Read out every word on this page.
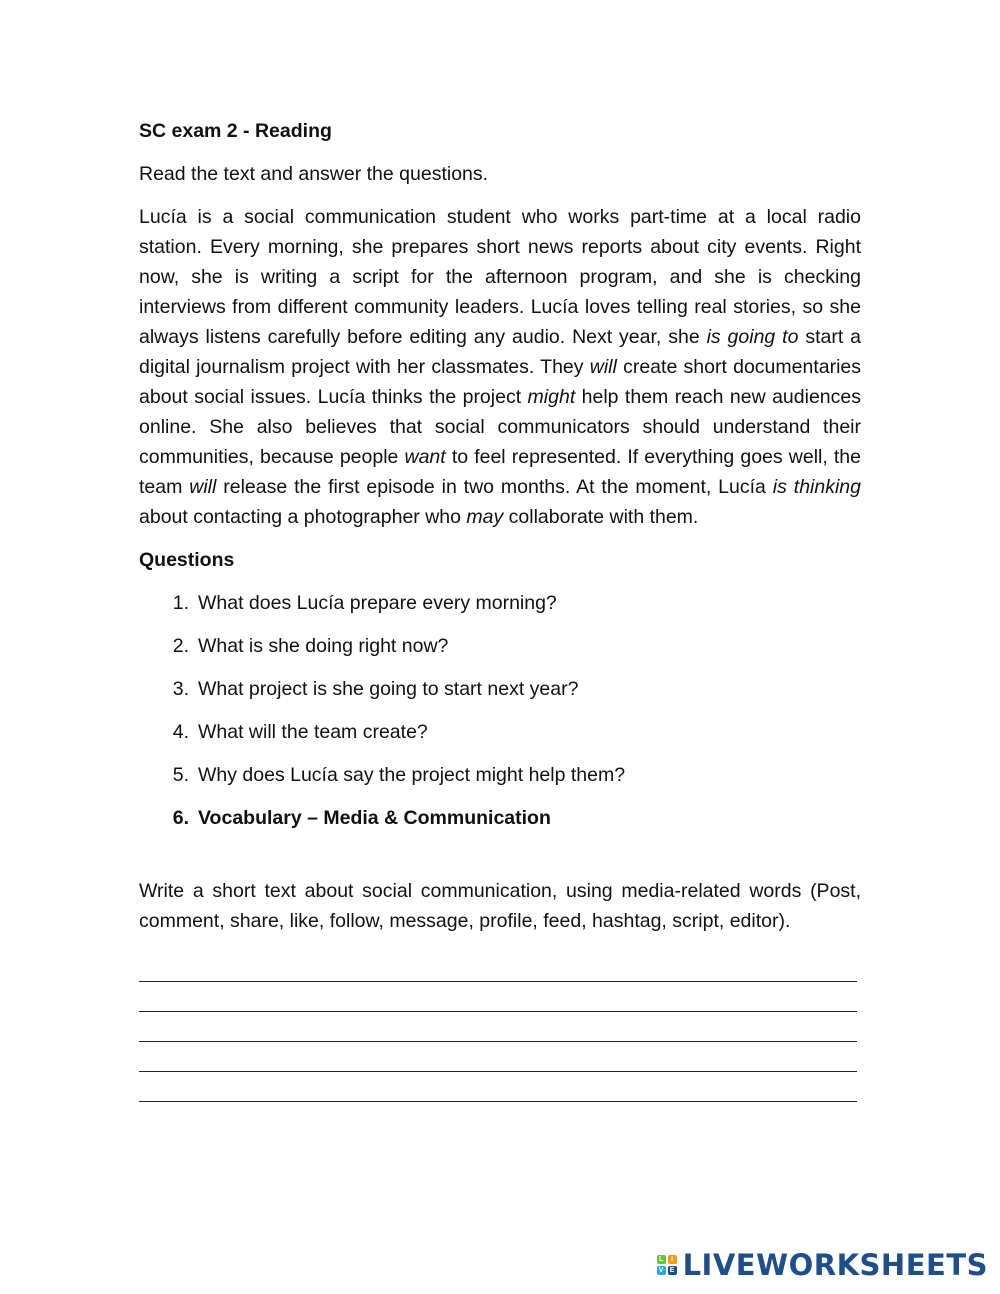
SC exam 2 - Reading

Read the text and answer the questions.

Lucía is a social communication student who works part-time at a local radio station. Every morning, she prepares short news reports about city events. Right now, she is writing a script for the afternoon program, and she is checking interviews from different community leaders. Lucía loves telling real stories, so she always listens carefully before editing any audio. Next year, she is going to start a digital journalism project with her classmates. They will create short documentaries about social issues. Lucía thinks the project might help them reach new audiences online. She also believes that social communicators should understand their communities, because people want to feel represented. If everything goes well, the team will release the first episode in two months. At the moment, Lucía is thinking about contacting a photographer who may collaborate with them.

Questions

1. What does Lucía prepare every morning?
2. What is she doing right now?
3. What project is she going to start next year?
4. What will the team create?
5. Why does Lucía say the project might help them?
6. Vocabulary – Media & Communication

Write a short text about social communication, using media-related words (Post, comment, share, like, follow, message, profile, feed, hashtag, script, editor).

L	I
V E LIVEWORKSHEETS
